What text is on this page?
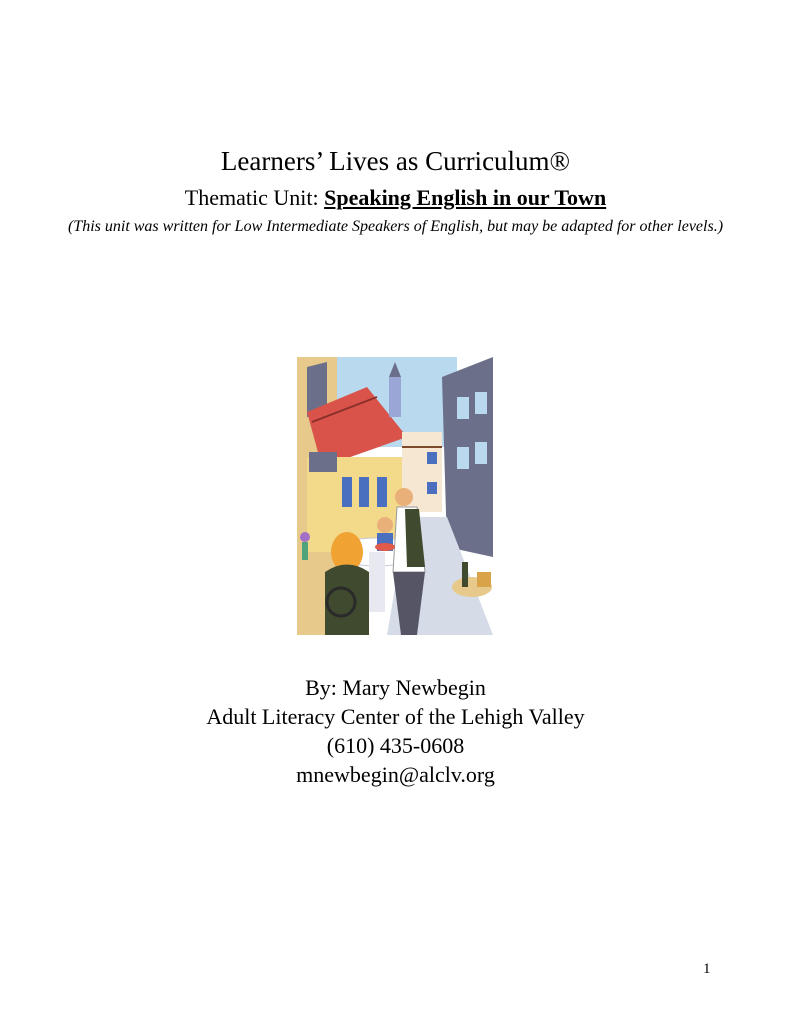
Learners’ Lives as Curriculum®
Thematic Unit: Speaking English in our Town
(This unit was written for Low Intermediate Speakers of English, but may be adapted for other levels.)
By: Mary Newbegin
Adult Literacy Center of the Lehigh Valley
(610) 435-0608
mnewbegin@alclv.org
1
